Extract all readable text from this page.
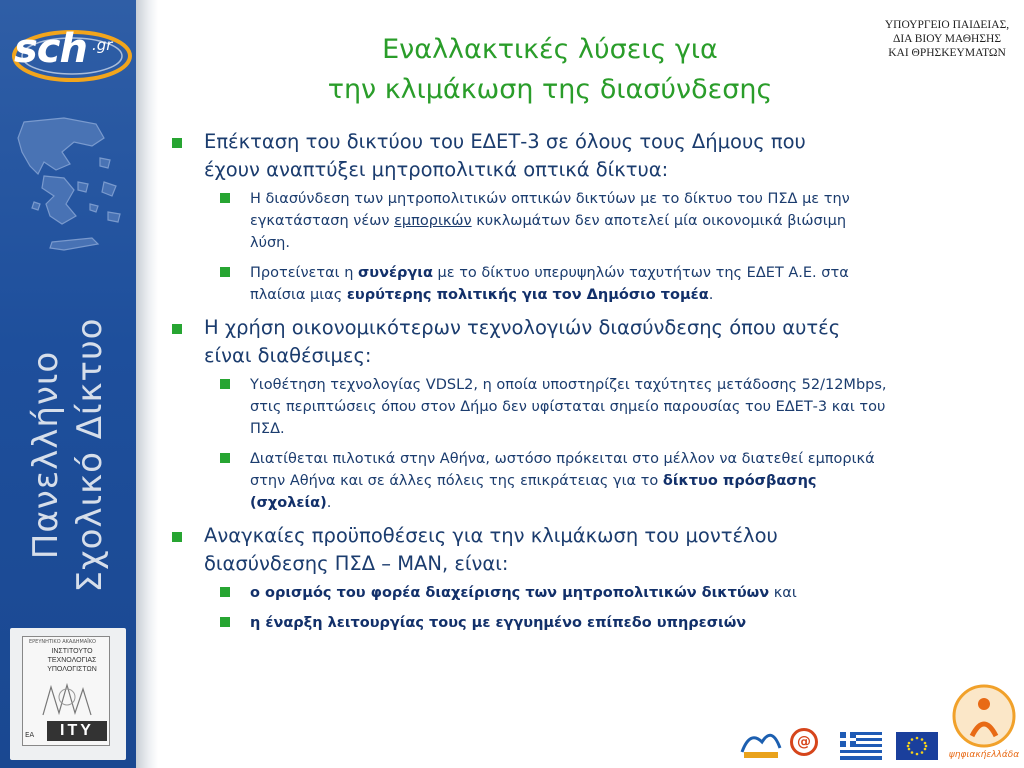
sch .gr
Πανελλήνιο Σχολικό Δίκτυο
ΕΡΕΥΝΗΤΙΚΟ ΑΚΑΔΗΜΑΪΚΟ
ΙΝΣΤΙΤΟΥΤΟ
ΤΕΧΝΟΛΟΓΙΑΣ
ΥΠΟΛΟΓΙΣΤΩΝ
ΙΤΥ
ΕΑ
Εναλλακτικές λύσεις για
την κλιμάκωση της διασύνδεσης
ΥΠΟΥΡΓΕΙΟ ΠΑΙΔΕΙΑΣ,
ΔΙΑ ΒΙΟΥ ΜΑΘΗΣΗΣ
ΚΑΙ ΘΡΗΣΚΕΥΜΑΤΩΝ
Επέκταση του δικτύου του ΕΔΕΤ-3 σε όλους τους Δήμους που
έχουν αναπτύξει μητροπολιτικά οπτικά δίκτυα:
Η διασύνδεση των μητροπολιτικών οπτικών δικτύων με το δίκτυο του ΠΣΔ με την εγκατάσταση νέων εμπορικών κυκλωμάτων δεν αποτελεί μία οικονομικά βιώσιμη λύση.
Προτείνεται η συνέργια με το δίκτυο υπερυψηλών ταχυτήτων της ΕΔΕΤ Α.Ε. στα πλαίσια μιας ευρύτερης πολιτικής για τον Δημόσιο τομέα.
Η χρήση οικονομικότερων τεχνολογιών διασύνδεσης όπου αυτές
είναι διαθέσιμες:
Υιοθέτηση τεχνολογίας VDSL2, η οποία υποστηρίζει ταχύτητες μετάδοσης 52/12Mbps, στις περιπτώσεις όπου στον Δήμο δεν υφίσταται σημείο παρουσίας του ΕΔΕΤ-3 και του ΠΣΔ.
Διατίθεται πιλοτικά στην Αθήνα, ωστόσο πρόκειται στο μέλλον να διατεθεί εμπορικά στην Αθήνα και σε άλλες πόλεις της επικράτειας για το δίκτυο πρόσβασης (σχολεία).
Αναγκαίες προϋποθέσεις για την κλιμάκωση του μοντέλου
διασύνδεσης ΠΣΔ – MAN, είναι:
ο ορισμός του φορέα διαχείρισης των μητροπολιτικών δικτύων και
η έναρξη λειτουργίας τους με εγγυημένο επίπεδο υπηρεσιών
@
ψηφιακήελλάδα
